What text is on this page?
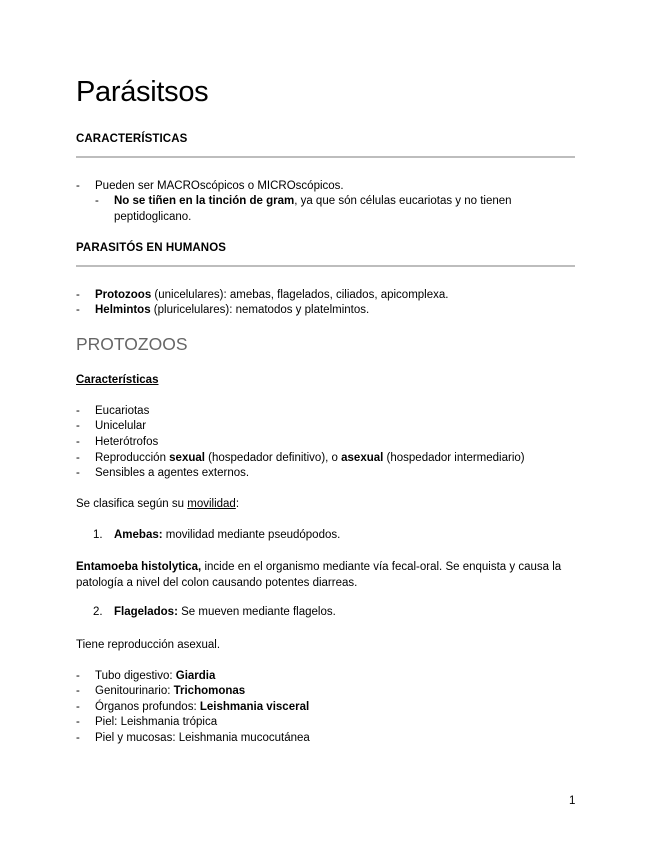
Parásitsos
CARACTERÍSTICAS
-	Pueden ser MACROscópicos o MICROscópicos.
- No se tiñen en la tinción de gram, ya que són células eucariotas y no tienen peptidoglicano.
PARASITÓS EN HUMANOS
-	Protozoos (unicelulares): amebas, flagelados, ciliados, apicomplexa.
-	Helmintos (pluricelulares): nematodos y platelmintos.
PROTOZOOS
Características
-	Eucariotas
-	Unicelular
-	Heterótrofos
-	Reproducción sexual (hospedador definitivo), o asexual (hospedador intermediario)
-	Sensibles a agentes externos.
Se clasifica según su movilidad:
1. Amebas: movilidad mediante pseudópodos.
Entamoeba histolytica, incide en el organismo mediante vía fecal-oral. Se enquista y causa la patología a nivel del colon causando potentes diarreas.
2. Flagelados: Se mueven mediante flagelos.
Tiene reproducción asexual.
-	Tubo digestivo: Giardia
-	Genitourinario: Trichomonas
-	Órganos profundos: Leishmania visceral
-	Piel: Leishmania trópica
-	Piel y mucosas: Leishmania mucocutánea
1
